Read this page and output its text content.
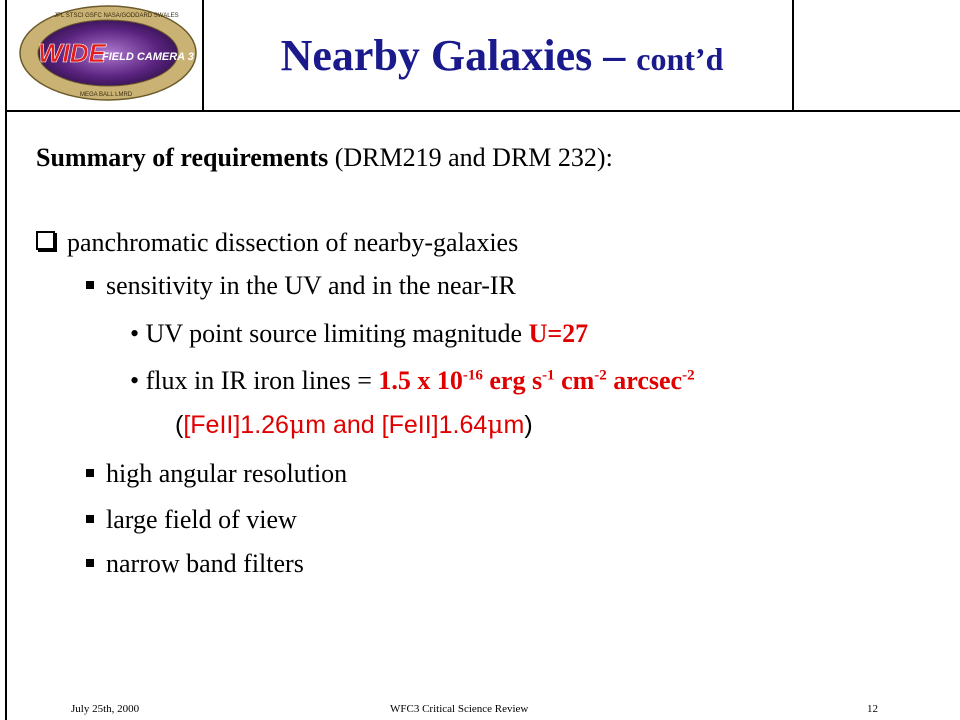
WIDE
FIELD CAMERA 3
JPL STSCI GSFC NASA/GODDARD SWALES
MEGA BALL LMRD
Nearby Galaxies – cont’d
Summary of requirements (DRM219 and DRM 232):
panchromatic dissection of nearby-galaxies
sensitivity in the UV and in the near-IR
• UV point source limiting magnitude U=27
• flux in IR iron lines = 1.5 x $10^{-16}$ erg $s^{-1}$ $cm^{-2}$ arcsec$^{-2}$
([FeII]1.26μm and [FeII]1.64μm)
high angular resolution
large field of view
narrow band filters
July 25th, 2000	WFC3 Critical Science Review	12
